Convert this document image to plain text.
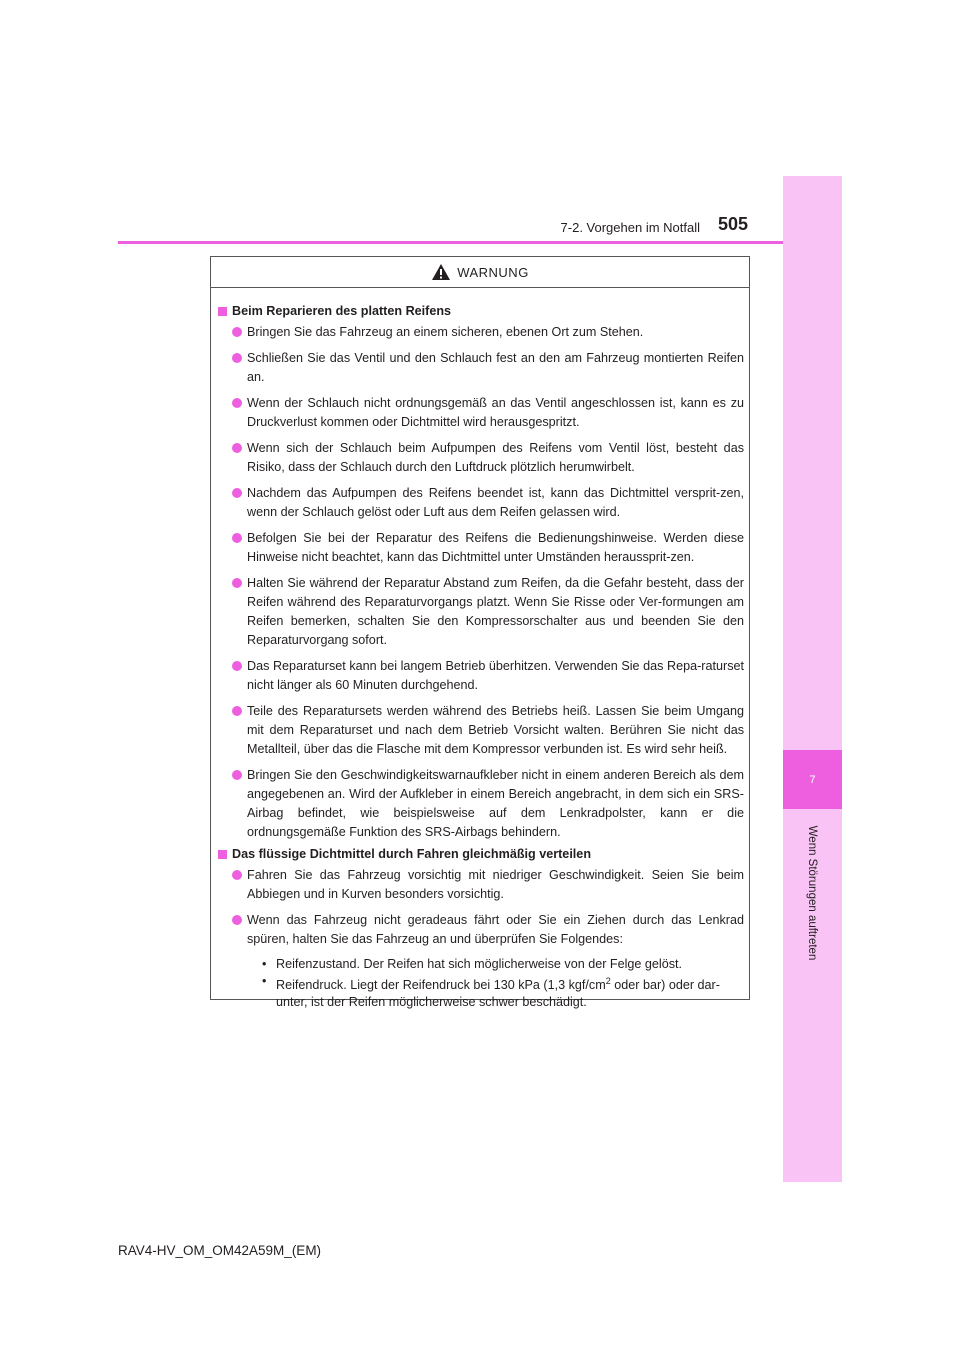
7
Wenn Störungen auftreten
7-2. Vorgehen im Notfall 505
WARNUNG
Beim Reparieren des platten Reifens
Bringen Sie das Fahrzeug an einem sicheren, ebenen Ort zum Stehen.
Schließen Sie das Ventil und den Schlauch fest an den am Fahrzeug montierten Reifen an.
Wenn der Schlauch nicht ordnungsgemäß an das Ventil angeschlossen ist, kann es zu Druckverlust kommen oder Dichtmittel wird herausgespritzt.
Wenn sich der Schlauch beim Aufpumpen des Reifens vom Ventil löst, besteht das Risiko, dass der Schlauch durch den Luftdruck plötzlich herumwirbelt.
Nachdem das Aufpumpen des Reifens beendet ist, kann das Dichtmittel versprit-zen, wenn der Schlauch gelöst oder Luft aus dem Reifen gelassen wird.
Befolgen Sie bei der Reparatur des Reifens die Bedienungshinweise. Werden diese Hinweise nicht beachtet, kann das Dichtmittel unter Umständen heraussprit-zen.
Halten Sie während der Reparatur Abstand zum Reifen, da die Gefahr besteht, dass der Reifen während des Reparaturvorgangs platzt. Wenn Sie Risse oder Ver-formungen am Reifen bemerken, schalten Sie den Kompressorschalter aus und beenden Sie den Reparaturvorgang sofort.
Das Reparaturset kann bei langem Betrieb überhitzen. Verwenden Sie das Repa-raturset nicht länger als 60 Minuten durchgehend.
Teile des Reparatursets werden während des Betriebs heiß. Lassen Sie beim Umgang mit dem Reparaturset und nach dem Betrieb Vorsicht walten. Berühren Sie nicht das Metallteil, über das die Flasche mit dem Kompressor verbunden ist. Es wird sehr heiß.
Bringen Sie den Geschwindigkeitswarnaufkleber nicht in einem anderen Bereich als dem angegebenen an. Wird der Aufkleber in einem Bereich angebracht, in dem sich ein SRS-Airbag befindet, wie beispielsweise auf dem Lenkradpolster, kann er die ordnungsgemäße Funktion des SRS-Airbags behindern.
Das flüssige Dichtmittel durch Fahren gleichmäßig verteilen
Fahren Sie das Fahrzeug vorsichtig mit niedriger Geschwindigkeit. Seien Sie beim Abbiegen und in Kurven besonders vorsichtig.
Wenn das Fahrzeug nicht geradeaus fährt oder Sie ein Ziehen durch das Lenkrad spüren, halten Sie das Fahrzeug an und überprüfen Sie Folgendes:
• Reifenzustand. Der Reifen hat sich möglicherweise von der Felge gelöst.
• Reifendruck. Liegt der Reifendruck bei 130 kPa (1,3 kgf/$cm^2$ oder bar) oder dar-unter, ist der Reifen möglicherweise schwer beschädigt.
RAV4-HV_OM_OM42A59M_(EM)
